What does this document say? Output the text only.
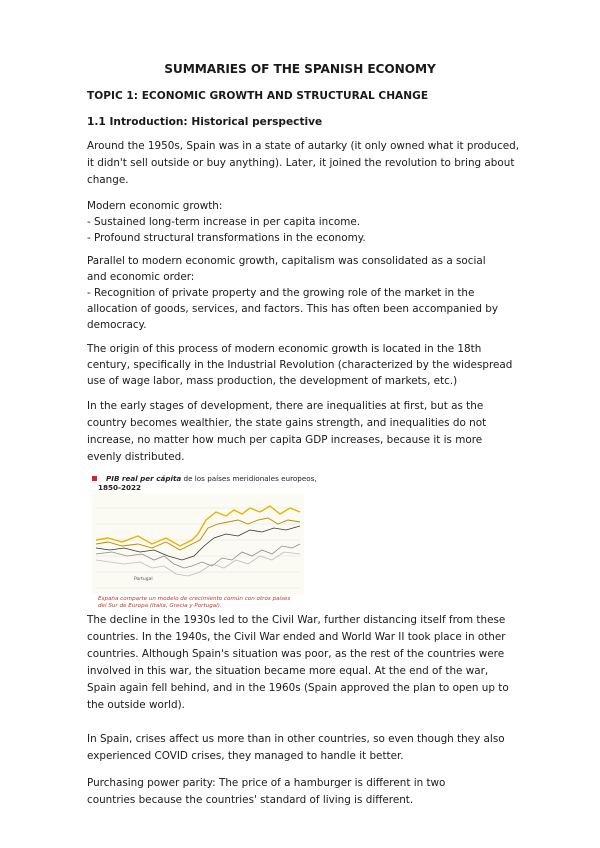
SUMMARIES OF THE SPANISH ECONOMY
TOPIC 1: ECONOMIC GROWTH AND STRUCTURAL CHANGE
1.1 Introduction: Historical perspective
Around the 1950s, Spain was in a state of autarky (it only owned what it produced,
it didn't sell outside or buy anything). Later, it joined the revolution to bring about
change.
Modern economic growth:
- Sustained long-term increase in per capita income.
- Profound structural transformations in the economy.
Parallel to modern economic growth, capitalism was consolidated as a social
and economic order:
- Recognition of private property and the growing role of the market in the
allocation of goods, services, and factors. This has often been accompanied by
democracy.
The origin of this process of modern economic growth is located in the 18th
century, specifically in the Industrial Revolution (characterized by the widespread
use of wage labor, mass production, the development of markets, etc.)
In the early stages of development, there are inequalities at first, but as the
country becomes wealthier, the state gains strength, and inequalities do not
increase, no matter how much per capita GDP increases, because it is more
evenly distributed.
PIB real per cápita de los países meridionales europeos,
1850-2022
Portugal
España comparte un modelo de crecimiento común con otros países
del Sur de Europa (Italia, Grecia y Portugal).
The decline in the 1930s led to the Civil War, further distancing itself from these
countries. In the 1940s, the Civil War ended and World War II took place in other
countries. Although Spain's situation was poor, as the rest of the countries were
involved in this war, the situation became more equal. At the end of the war,
Spain again fell behind, and in the 1960s (Spain approved the plan to open up to
the outside world).
In Spain, crises affect us more than in other countries, so even though they also
experienced COVID crises, they managed to handle it better.
Purchasing power parity: The price of a hamburger is different in two
countries because the countries' standard of living is different.
